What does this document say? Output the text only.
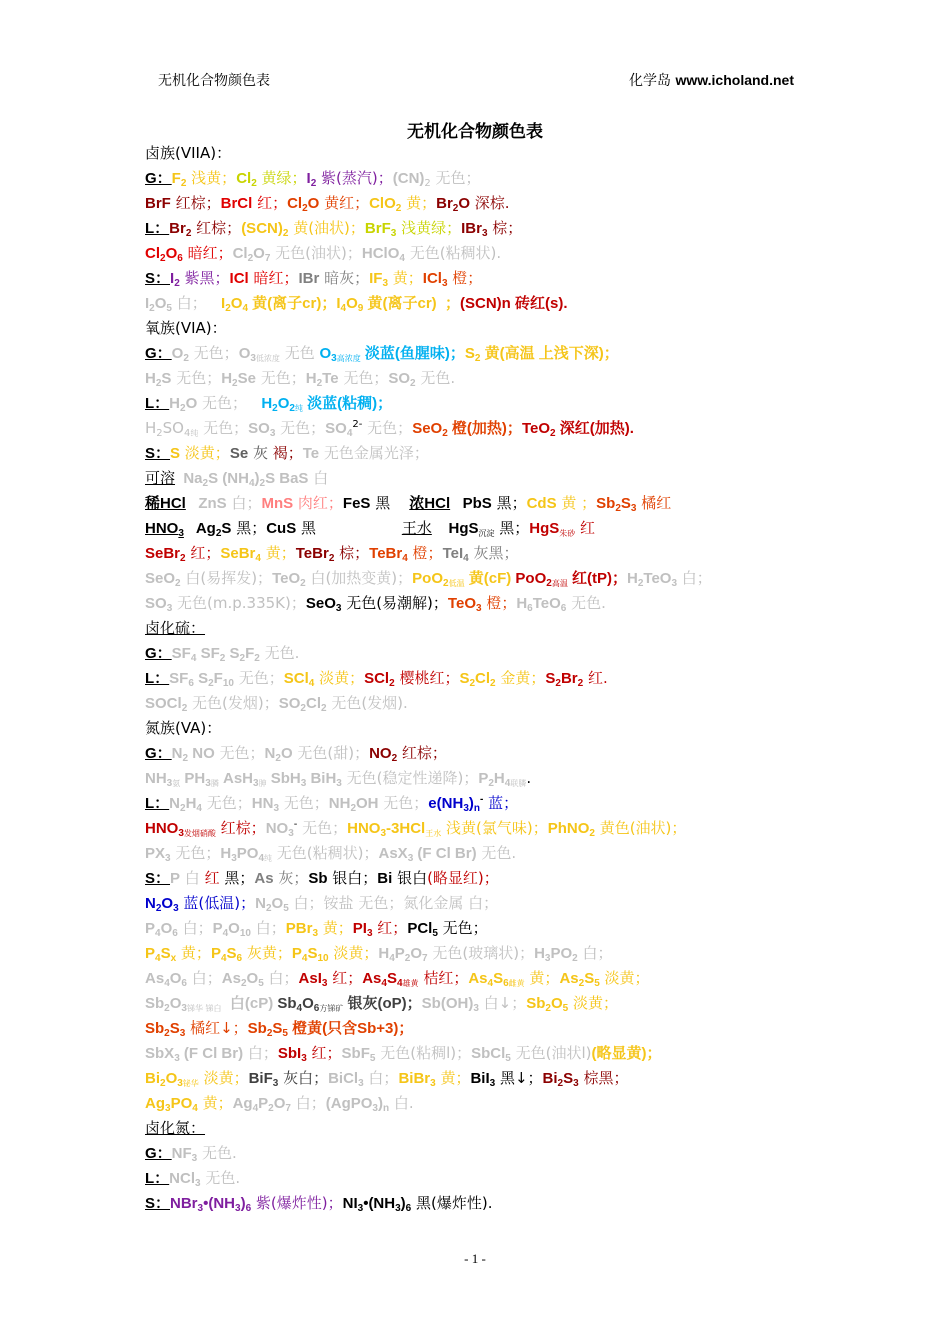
无机化合物颜色表	化学岛 www.icholand.net
无机化合物颜色表
卤族(VIIA)：
G：$F_2$ 浅黄；$Cl_2$ 黄绿；$I_2$ 紫(蒸汽)；$(CN)_2$ 无色；
BrF 红棕；BrCl 红；$Cl_2O$ 黄红；ClO$_2$ 黄；$Br_2O$ 深棕.
L：$Br_2$ 红棕；$(SCN)_2$ 黄(油状)；BrF$_3$ 浅黄绿；IBr$_3$ 棕；
$Cl_2O_6$ 暗红；$Cl_2O_7$ 无色(油状)；HClO$_4$ 无色(粘稠状).
S：$I_2$ 紫黑；ICl 暗红；IBr 暗灰；$IF_3$ 黄；ICl$_3$ 橙；
$I_2O_5$ 白；   $I_2O_4$ 黄(离子cr)；$I_4O_9$ 黄(离子cr)  ；(SCN)n 砖红(s).
氧族(VIA)：
G：$O_2$ 无色；$O_{3低浓度}$ 无色 $O_{3高浓度}$ 淡蓝(鱼腥味)；$S_2$ 黄(高温 上浅下深)；
$H_2S$ 无色；$H_2Se$ 无色；$H_2Te$ 无色；$SO_2$ 无色.
L：$H_2O$ 无色；   $H_2O_{2纯}$ 淡蓝(粘稠)；
$H_2SO_{4纯}$ 无色；$SO_3$ 无色；$SO_4^{2-}$ 无色；SeO$_2$ 橙(加热)；TeO$_2$ 深红(加热).
S：S 淡黄；Se 灰 褐；Te 无色金属光泽；
可溶  $Na_2S$ $(NH_4)_2S$ BaS 白
稀HCl   ZnS 白；MnS 肉红；FeS 黑    浓HCl   PbS 黑；CdS 黄 ；$Sb_2S_3$ 橘红
$HNO_3$   $Ag_2S$ 黑；CuS 黑                  王水    HgS$_{沉淀}$ 黑；HgS$_{朱砂}$ 红
SeBr$_2$ 红；SeBr$_4$ 黄；TeBr$_2$ 棕；TeBr$_4$ 橙；TeI$_4$ 灰黑；
SeO$_2$ 白(易挥发)；TeO$_2$ 白(加热变黄)；PoO$_{2低温}$ 黄(cF) PoO$_{2高温}$ 红(tP)；$H_2TeO_3$ 白；
$SO_3$ 无色(m.p.335K)；SeO$_3$ 无色(易潮解)；TeO$_3$ 橙；$H_6TeO_6$ 无色.
卤化硫：
G：$SF_4$ $SF_2$ $S_2F_2$ 无色.
L：$SF_6$ $S_2F_{10}$ 无色；SCl$_4$ 淡黄；SCl$_2$ 樱桃红；$S_2Cl_2$ 金黄；$S_2Br_2$ 红.
SOCl$_2$ 无色(发烟)；$SO_2Cl_2$ 无色(发烟).
氮族(VA)：
G：$N_2$ NO 无色；$N_2O$ 无色(甜)；$NO_2$ 红棕；
$NH_{3氨}$ $PH_{3膦}$ AsH$_{3胂}$ SbH$_3$ BiH$_3$ 无色(稳定性递降)；$P_2H_{4联膦}$.
L：$N_2H_4$ 无色；$HN_3$ 无色；$NH_2OH$ 无色；$e(NH_3)_n^-$ 蓝；
$HNO_{3发烟硝酸}$ 红棕；$NO_3^-$ 无色；$HNO_3-3HCl_{王水}$ 浅黄(氯气味)；PhNO$_2$ 黄色(油状)；
$PX_3$ 无色；$H_3PO_{4纯}$ 无色(粘稠状)；AsX$_3$ (F Cl Br) 无色.
S：P 白 红 黑；As 灰；Sb 银白；Bi 银白(略显红)；
$N_2O_3$ 蓝(低温)；$N_2O_5$ 白；铵盐 无色；氮化金属 白；
$P_4O_6$ 白；$P_4O_{10}$ 白；PBr$_3$ 黄；$PI_3$ 红；PCl$_5$ 无色；
$P_4S_x$ 黄；$P_4S_6$ 灰黄；$P_4S_{10}$ 淡黄；$H_4P_2O_7$ 无色(玻璃状)；$H_3PO_2$ 白；
$As_4O_6$ 白；$As_2O_5$ 白；AsI$_3$ 红；$As_4S_{4雄黄}$ 桔红；$As_4S_{6雌黄}$ 黄；$As_2S_5$ 淡黄；
$Sb_2O_{3锑华}$ $_{锑白}$  白(cP) $Sb_4O_{6方锑矿}$ 银灰(oP)；$Sb(OH)_3$ 白↓；$Sb_2O_5$ 淡黄；
$Sb_2S_3$ 橘红↓；$Sb_2S_5$ 橙黄(只含Sb+3)；
SbX$_3$ (F Cl Br) 白；SbI$_3$ 红；SbF$_5$ 无色(粘稠l)；SbCl$_5$ 无色(油状l)(略显黄)；
$Bi_2O_{3铋华}$ 淡黄；BiF$_3$ 灰白；BiCl$_3$ 白；BiBr$_3$ 黄；BiI$_3$ 黑↓；$Bi_2S_3$ 棕黑；
$Ag_3PO_4$ 黄；$Ag_4P_2O_7$ 白；$(AgPO_3)_n$ 白.
卤化氮：
G：$NF_3$ 无色.
L：NCl$_3$ 无色.
S：$NBr_3•(NH_3)_6$ 紫(爆炸性)；$NI_3•(NH_3)_6$ 黑(爆炸性).
- 1 -
